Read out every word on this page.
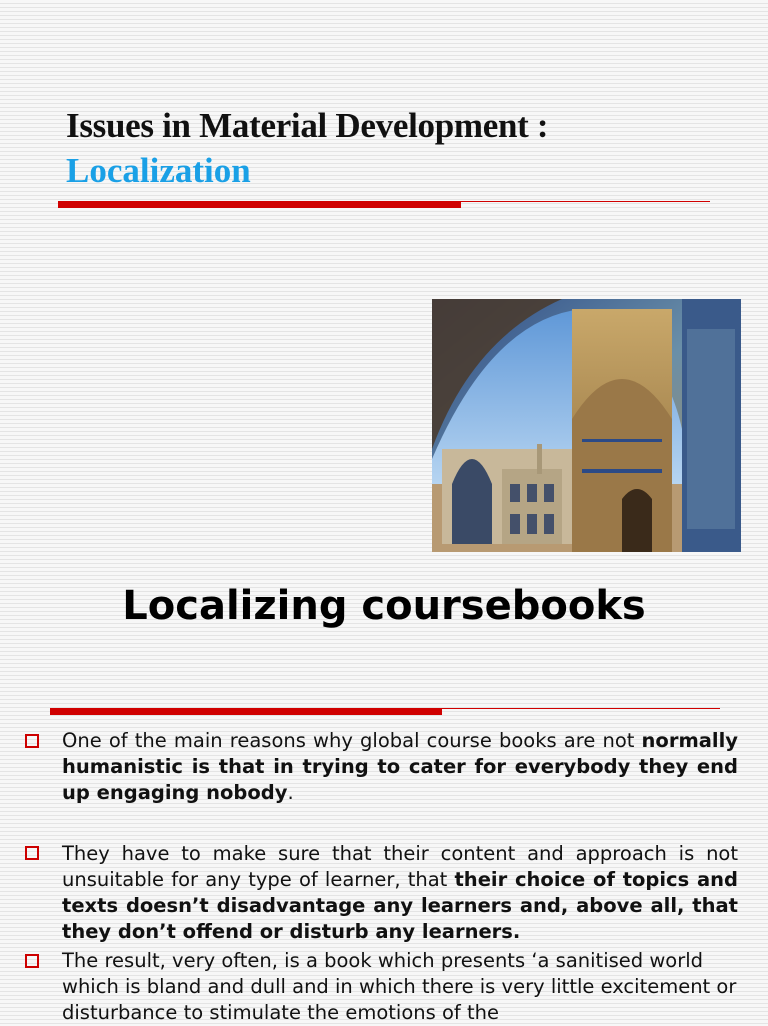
Issues in Material Development :
Localization
Localizing coursebooks
One of the main reasons why global course books are not normally humanistic is that in trying to cater for everybody they end up engaging nobody.
They have to make sure that their content and approach is not unsuitable for any type of learner, that their choice of topics and texts doesn’t disadvantage any learners and, above all, that they don’t offend or disturb any learners.
The result, very often, is a book which presents ‘a sanitised world which is bland and dull and in which there is very little excitement or disturbance to stimulate the emotions of the
